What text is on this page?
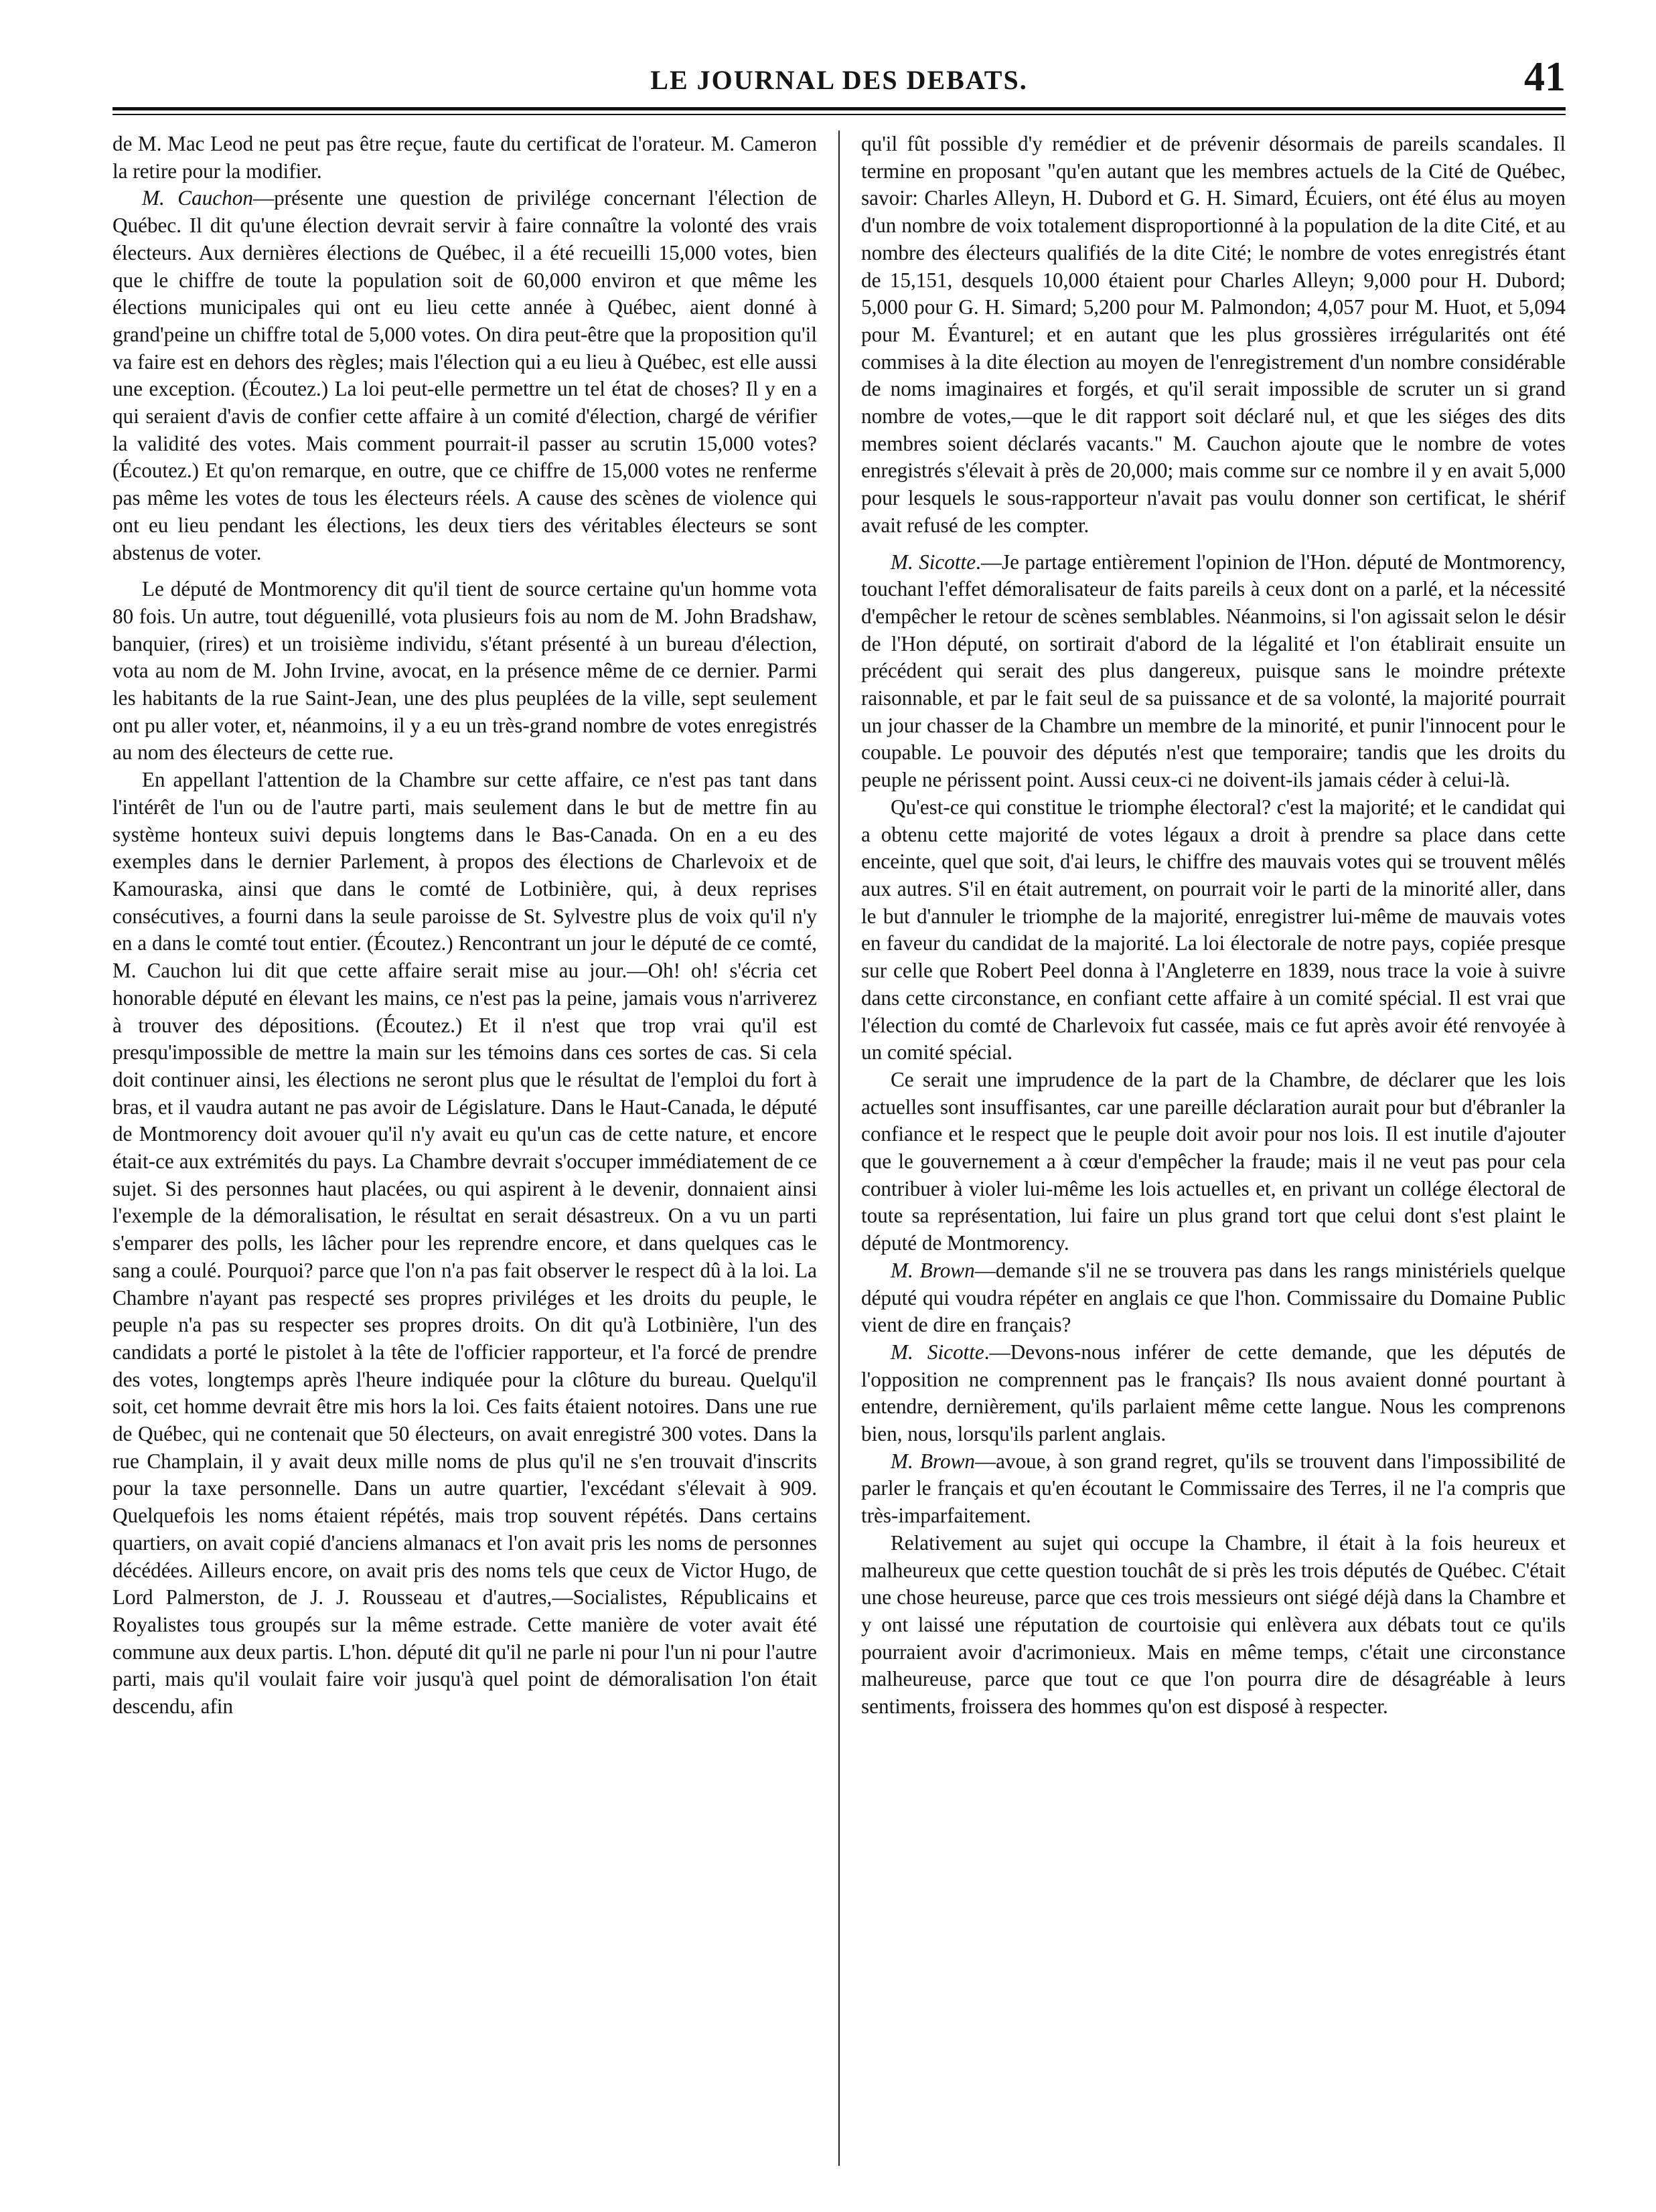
LE JOURNAL DES DEBATS.	41

de M. Mac Leod ne peut pas être reçue, faute du certificat de l'orateur. M. Cameron la retire pour la modifier.

M. Cauchon—présente une question de privilége concernant l'élection de Québec. Il dit qu'une élection devrait servir à faire connaître la volonté des vrais électeurs. Aux dernières élections de Québec, il a été recueilli 15,000 votes, bien que le chiffre de toute la population soit de 60,000 environ et que même les élections municipales qui ont eu lieu cette année à Québec, aient donné à grand'peine un chiffre total de 5,000 votes. On dira peut-être que la proposition qu'il va faire est en dehors des règles; mais l'élection qui a eu lieu à Québec, est elle aussi une exception. (Écoutez.) La loi peut-elle permettre un tel état de choses? Il y en a qui seraient d'avis de confier cette affaire à un comité d'élection, chargé de vérifier la validité des votes. Mais comment pourrait-il passer au scrutin 15,000 votes? (Écoutez.) Et qu'on remarque, en outre, que ce chiffre de 15,000 votes ne renferme pas même les votes de tous les électeurs réels. A cause des scènes de violence qui ont eu lieu pendant les élections, les deux tiers des véritables électeurs se sont abstenus de voter.

Le député de Montmorency dit qu'il tient de source certaine qu'un homme vota 80 fois. Un autre, tout déguenillé, vota plusieurs fois au nom de M. John Bradshaw, banquier, (rires) et un troisième individu, s'étant présenté à un bureau d'élection, vota au nom de M. John Irvine, avocat, en la présence même de ce dernier. Parmi les habitants de la rue Saint-Jean, une des plus peuplées de la ville, sept seulement ont pu aller voter, et, néanmoins, il y a eu un très-grand nombre de votes enregistrés au nom des électeurs de cette rue.

En appellant l'attention de la Chambre sur cette affaire, ce n'est pas tant dans l'intérêt de l'un ou de l'autre parti, mais seulement dans le but de mettre fin au système honteux suivi depuis longtems dans le Bas-Canada. On en a eu des exemples dans le dernier Parlement, à propos des élections de Charlevoix et de Kamouraska, ainsi que dans le comté de Lotbinière, qui, à deux reprises consécutives, a fourni dans la seule paroisse de St. Sylvestre plus de voix qu'il n'y en a dans le comté tout entier. (Écoutez.) Rencontrant un jour le député de ce comté, M. Cauchon lui dit que cette affaire serait mise au jour.—Oh! oh! s'écria cet honorable député en élevant les mains, ce n'est pas la peine, jamais vous n'arriverez à trouver des dépositions. (Écoutez.) Et il n'est que trop vrai qu'il est presqu'impossible de mettre la main sur les témoins dans ces sortes de cas. Si cela doit continuer ainsi, les élections ne seront plus que le résultat de l'emploi du fort à bras, et il vaudra autant ne pas avoir de Législature. Dans le Haut-Canada, le député de Montmorency doit avouer qu'il n'y avait eu qu'un cas de cette nature, et encore était-ce aux extrémités du pays. La Chambre devrait s'occuper immédiatement de ce sujet. Si des personnes haut placées, ou qui aspirent à le devenir, donnaient ainsi l'exemple de la démoralisation, le résultat en serait désastreux. On a vu un parti s'emparer des polls, les lâcher pour les reprendre encore, et dans quelques cas le sang a coulé. Pourquoi? parce que l'on n'a pas fait observer le respect dû à la loi. La Chambre n'ayant pas respecté ses propres priviléges et les droits du peuple, le peuple n'a pas su respecter ses propres droits. On dit qu'à Lotbinière, l'un des candidats a porté le pistolet à la tête de l'officier rapporteur, et l'a forcé de prendre des votes, longtemps après l'heure indiquée pour la clôture du bureau. Quelqu'il soit, cet homme devrait être mis hors la loi. Ces faits étaient notoires. Dans une rue de Québec, qui ne contenait que 50 électeurs, on avait enregistré 300 votes. Dans la rue Champlain, il y avait deux mille noms de plus qu'il ne s'en trouvait d'inscrits pour la taxe personnelle. Dans un autre quartier, l'excédant s'élevait à 909. Quelquefois les noms étaient répétés, mais trop souvent répétés. Dans certains quartiers, on avait copié d'anciens almanacs et l'on avait pris les noms de personnes décédées. Ailleurs encore, on avait pris des noms tels que ceux de Victor Hugo, de Lord Palmerston, de J. J. Rousseau et d'autres,—Socialistes, Républicains et Royalistes tous groupés sur la même estrade. Cette manière de voter avait été commune aux deux partis. L'hon. député dit qu'il ne parle ni pour l'un ni pour l'autre parti, mais qu'il voulait faire voir jusqu'à quel point de démoralisation l'on était descendu, afin

qu'il fût possible d'y remédier et de prévenir désormais de pareils scandales. Il termine en proposant "qu'en autant que les membres actuels de la Cité de Québec, savoir: Charles Alleyn, H. Dubord et G. H. Simard, Écuiers, ont été élus au moyen d'un nombre de voix totalement disproportionné à la population de la dite Cité, et au nombre des électeurs qualifiés de la dite Cité; le nombre de votes enregistrés étant de 15,151, desquels 10,000 étaient pour Charles Alleyn; 9,000 pour H. Dubord; 5,000 pour G. H. Simard; 5,200 pour M. Palmondon; 4,057 pour M. Huot, et 5,094 pour M. Évanturel; et en autant que les plus grossières irrégularités ont été commises à la dite élection au moyen de l'enregistrement d'un nombre considérable de noms imaginaires et forgés, et qu'il serait impossible de scruter un si grand nombre de votes,—que le dit rapport soit déclaré nul, et que les siéges des dits membres soient déclarés vacants." M. Cauchon ajoute que le nombre de votes enregistrés s'élevait à près de 20,000; mais comme sur ce nombre il y en avait 5,000 pour lesquels le sous-rapporteur n'avait pas voulu donner son certificat, le shérif avait refusé de les compter.

M. Sicotte.—Je partage entièrement l'opinion de l'Hon. député de Montmorency, touchant l'effet démoralisateur de faits pareils à ceux dont on a parlé, et la nécessité d'empêcher le retour de scènes semblables. Néanmoins, si l'on agissait selon le désir de l'Hon député, on sortirait d'abord de la légalité et l'on établirait ensuite un précédent qui serait des plus dangereux, puisque sans le moindre prétexte raisonnable, et par le fait seul de sa puissance et de sa volonté, la majorité pourrait un jour chasser de la Chambre un membre de la minorité, et punir l'innocent pour le coupable. Le pouvoir des députés n'est que temporaire; tandis que les droits du peuple ne périssent point. Aussi ceux-ci ne doivent-ils jamais céder à celui-là.

Qu'est-ce qui constitue le triomphe électoral? c'est la majorité; et le candidat qui a obtenu cette majorité de votes légaux a droit à prendre sa place dans cette enceinte, quel que soit, d'ai leurs, le chiffre des mauvais votes qui se trouvent mêlés aux autres. S'il en était autrement, on pourrait voir le parti de la minorité aller, dans le but d'annuler le triomphe de la majorité, enregistrer lui-même de mauvais votes en faveur du candidat de la majorité. La loi électorale de notre pays, copiée presque sur celle que Robert Peel donna à l'Angleterre en 1839, nous trace la voie à suivre dans cette circonstance, en confiant cette affaire à un comité spécial. Il est vrai que l'élection du comté de Charlevoix fut cassée, mais ce fut après avoir été renvoyée à un comité spécial.

Ce serait une imprudence de la part de la Chambre, de déclarer que les lois actuelles sont insuffisantes, car une pareille déclaration aurait pour but d'ébranler la confiance et le respect que le peuple doit avoir pour nos lois. Il est inutile d'ajouter que le gouvernement a à cœur d'empêcher la fraude; mais il ne veut pas pour cela contribuer à violer lui-même les lois actuelles et, en privant un collége électoral de toute sa représentation, lui faire un plus grand tort que celui dont s'est plaint le député de Montmorency.

M. Brown—demande s'il ne se trouvera pas dans les rangs ministériels quelque député qui voudra répéter en anglais ce que l'hon. Commissaire du Domaine Public vient de dire en français?

M. Sicotte.—Devons-nous inférer de cette demande, que les députés de l'opposition ne comprennent pas le français? Ils nous avaient donné pourtant à entendre, dernièrement, qu'ils parlaient même cette langue. Nous les comprenons bien, nous, lorsqu'ils parlent anglais.

M. Brown—avoue, à son grand regret, qu'ils se trouvent dans l'impossibilité de parler le français et qu'en écoutant le Commissaire des Terres, il ne l'a compris que très-imparfaitement.

Relativement au sujet qui occupe la Chambre, il était à la fois heureux et malheureux que cette question touchât de si près les trois députés de Québec. C'était une chose heureuse, parce que ces trois messieurs ont siégé déjà dans la Chambre et y ont laissé une réputation de courtoisie qui enlèvera aux débats tout ce qu'ils pourraient avoir d'acrimonieux. Mais en même temps, c'était une circonstance malheureuse, parce que tout ce que l'on pourra dire de désagréable à leurs sentiments, froissera des hommes qu'on est disposé à respecter.
